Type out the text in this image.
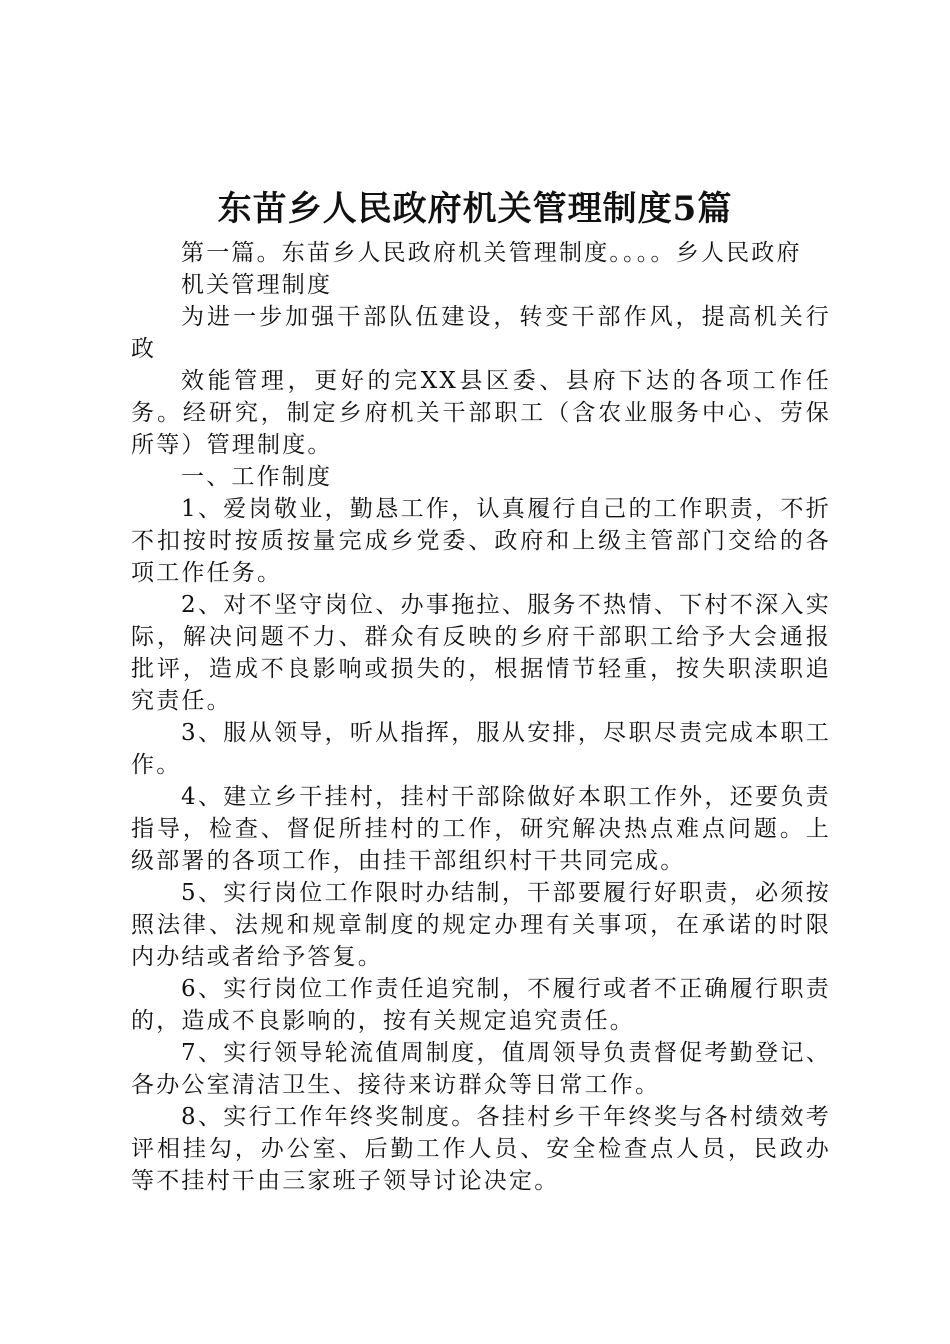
东苗乡人民政府机关管理制度5篇

第一篇。东苗乡人民政府机关管理制度。。。。乡人民政府

机关管理制度

为进一步加强干部队伍建设，转变干部作风，提高机关行政

效能管理，更好的完XX县区委、县府下达的各项工作任务。经研究，制定乡府机关干部职工（含农业服务中心、劳保所等）管理制度。

一、工作制度

1、爱岗敬业，勤恳工作，认真履行自己的工作职责，不折不扣按时按质按量完成乡党委、政府和上级主管部门交给的各项工作任务。

2、对不坚守岗位、办事拖拉、服务不热情、下村不深入实际，解决问题不力、群众有反映的乡府干部职工给予大会通报批评，造成不良影响或损失的，根据情节轻重，按失职渎职追究责任。

3、服从领导，听从指挥，服从安排，尽职尽责完成本职工作。

4、建立乡干挂村，挂村干部除做好本职工作外，还要负责指导，检查、督促所挂村的工作，研究解决热点难点问题。上级部署的各项工作，由挂干部组织村干共同完成。

5、实行岗位工作限时办结制，干部要履行好职责，必须按照法律、法规和规章制度的规定办理有关事项，在承诺的时限内办结或者给予答复。

6、实行岗位工作责任追究制，不履行或者不正确履行职责的，造成不良影响的，按有关规定追究责任。

7、实行领导轮流值周制度，值周领导负责督促考勤登记、各办公室清洁卫生、接待来访群众等日常工作。

8、实行工作年终奖制度。各挂村乡干年终奖与各村绩效考评相挂勾，办公室、后勤工作人员、安全检查点人员，民政办等不挂村干由三家班子领导讨论决定。
